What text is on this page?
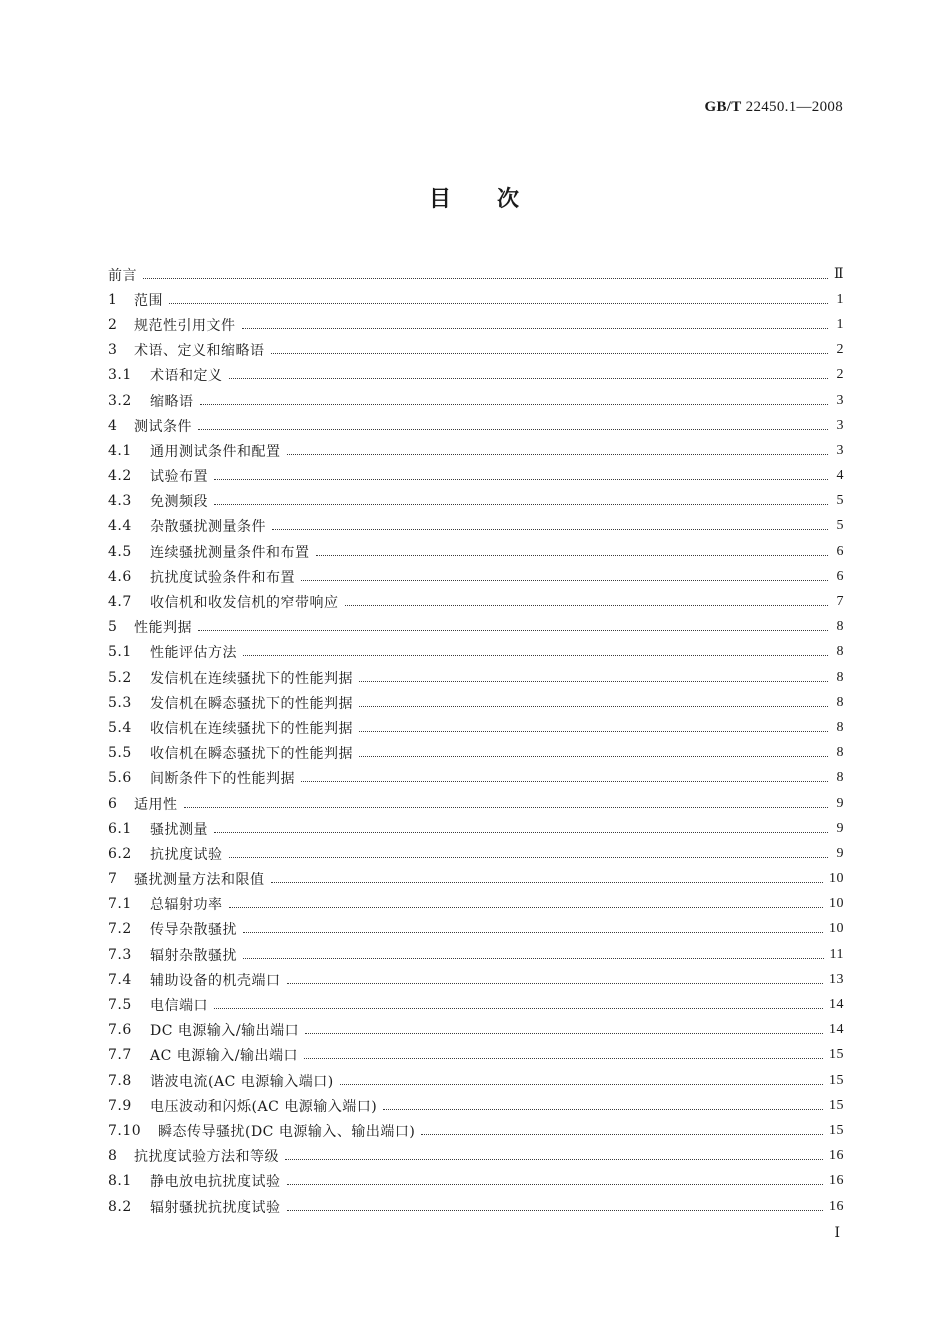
GB/T 22450.1—2008
目 次
前言	Ⅱ
1	范围	1
2	规范性引用文件	1
3	术语、定义和缩略语	2
3.1	术语和定义	2
3.2	缩略语	3
4	测试条件	3
4.1	通用测试条件和配置	3
4.2	试验布置	4
4.3	免测频段	5
4.4	杂散骚扰测量条件	5
4.5	连续骚扰测量条件和布置	6
4.6	抗扰度试验条件和布置	6
4.7	收信机和收发信机的窄带响应	7
5	性能判据	8
5.1	性能评估方法	8
5.2	发信机在连续骚扰下的性能判据	8
5.3	发信机在瞬态骚扰下的性能判据	8
5.4	收信机在连续骚扰下的性能判据	8
5.5	收信机在瞬态骚扰下的性能判据	8
5.6	间断条件下的性能判据	8
6	适用性	9
6.1	骚扰测量	9
6.2	抗扰度试验	9
7	骚扰测量方法和限值	10
7.1	总辐射功率	10
7.2	传导杂散骚扰	10
7.3	辐射杂散骚扰	11
7.4	辅助设备的机壳端口	13
7.5	电信端口	14
7.6	DC 电源输入/输出端口	14
7.7	AC 电源输入/输出端口	15
7.8	谐波电流(AC 电源输入端口)	15
7.9	电压波动和闪烁(AC 电源输入端口)	15
7.10	瞬态传导骚扰(DC 电源输入、输出端口)	15
8	抗扰度试验方法和等级	16
8.1	静电放电抗扰度试验	16
8.2	辐射骚扰抗扰度试验	16
Ⅰ
